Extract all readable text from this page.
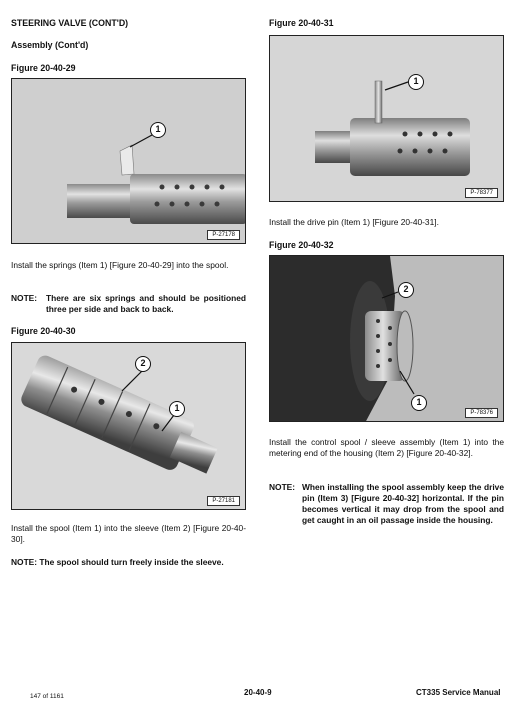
STEERING VALVE (CONT'D)
Assembly (Cont'd)
Figure 20-40-29
1
P-27178
Install the springs (Item 1) [Figure 20-40-29] into the spool.
NOTE: There are six springs and should be positioned three per side and back to back.
Figure 20-40-30
2
1
P-27181
Install the spool (Item 1) into the sleeve (Item 2) [Figure 20-40-30].
NOTE: The spool should turn freely inside the sleeve.
Figure 20-40-31
1
P-78377
Install the drive pin (Item 1) [Figure 20-40-31].
Figure 20-40-32
2
1
P-78376
Install the control spool / sleeve assembly (Item 1) into the metering end of the housing (Item 2) [Figure 20-40-32].
NOTE: When installing the spool assembly keep the drive pin (Item 3) [Figure 20-40-32] horizontal. If the pin becomes vertical it may drop from the spool and get caught in an oil passage inside the housing.
147 of 1161	20-40-9	CT335 Service Manual
